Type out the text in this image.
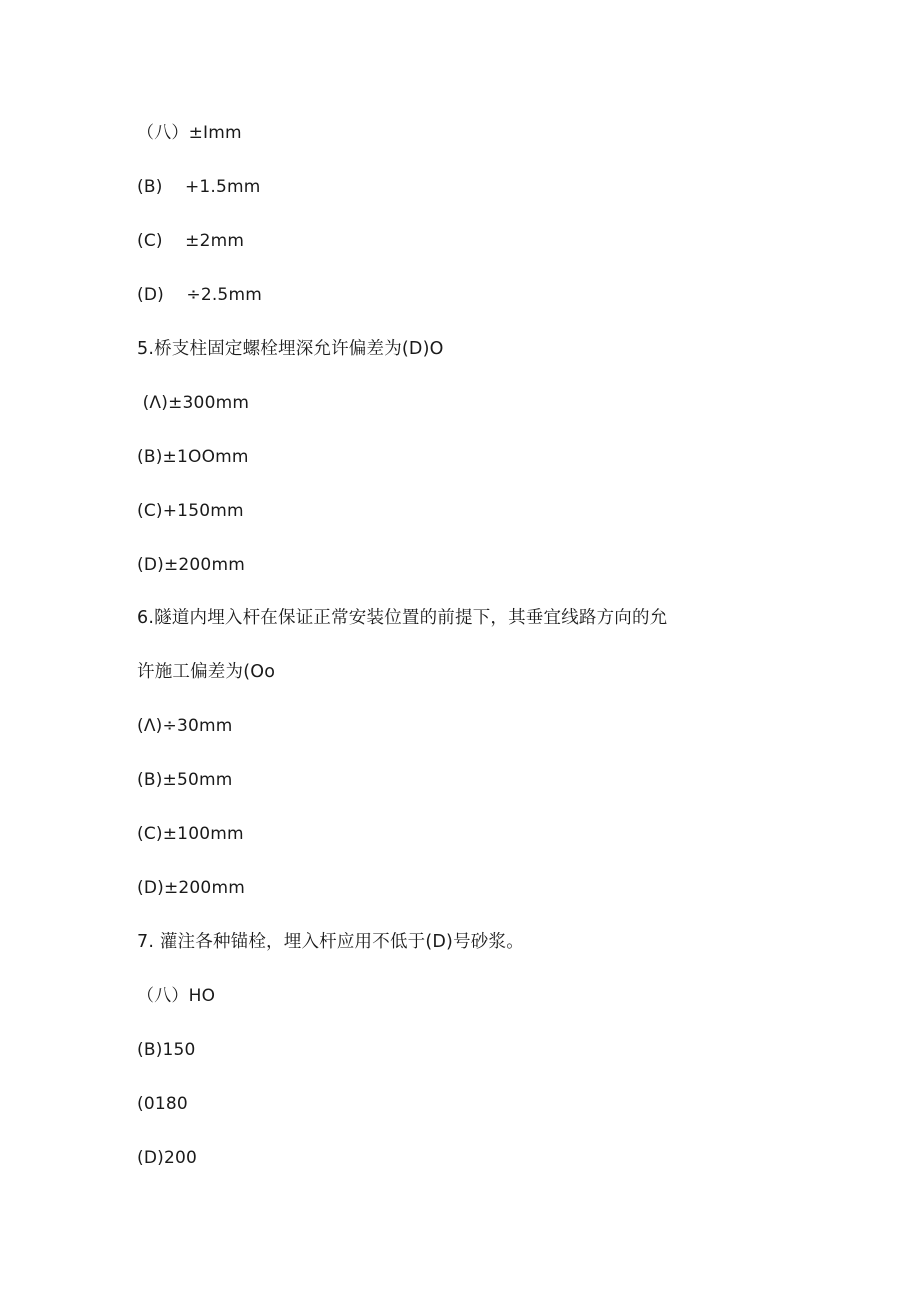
（八）±Imm
(B)    +1.5mm
(C)    ±2mm
(D)    ÷2.5mm
5.桥支柱固定螺栓埋深允许偏差为(D)O
(Λ)±300mm
(B)±1OOmm
(C)+150mm
(D)±200mm
6.隧道内埋入杆在保证正常安装位置的前提下，其垂宜线路方向的允
许施工偏差为(Oo
(Λ)÷30mm
(B)±50mm
(C)±100mm
(D)±200mm
7. 灌注各种锚栓，埋入杆应用不低于(D)号砂浆。
（八）HO
(B)150
(0180
(D)200
